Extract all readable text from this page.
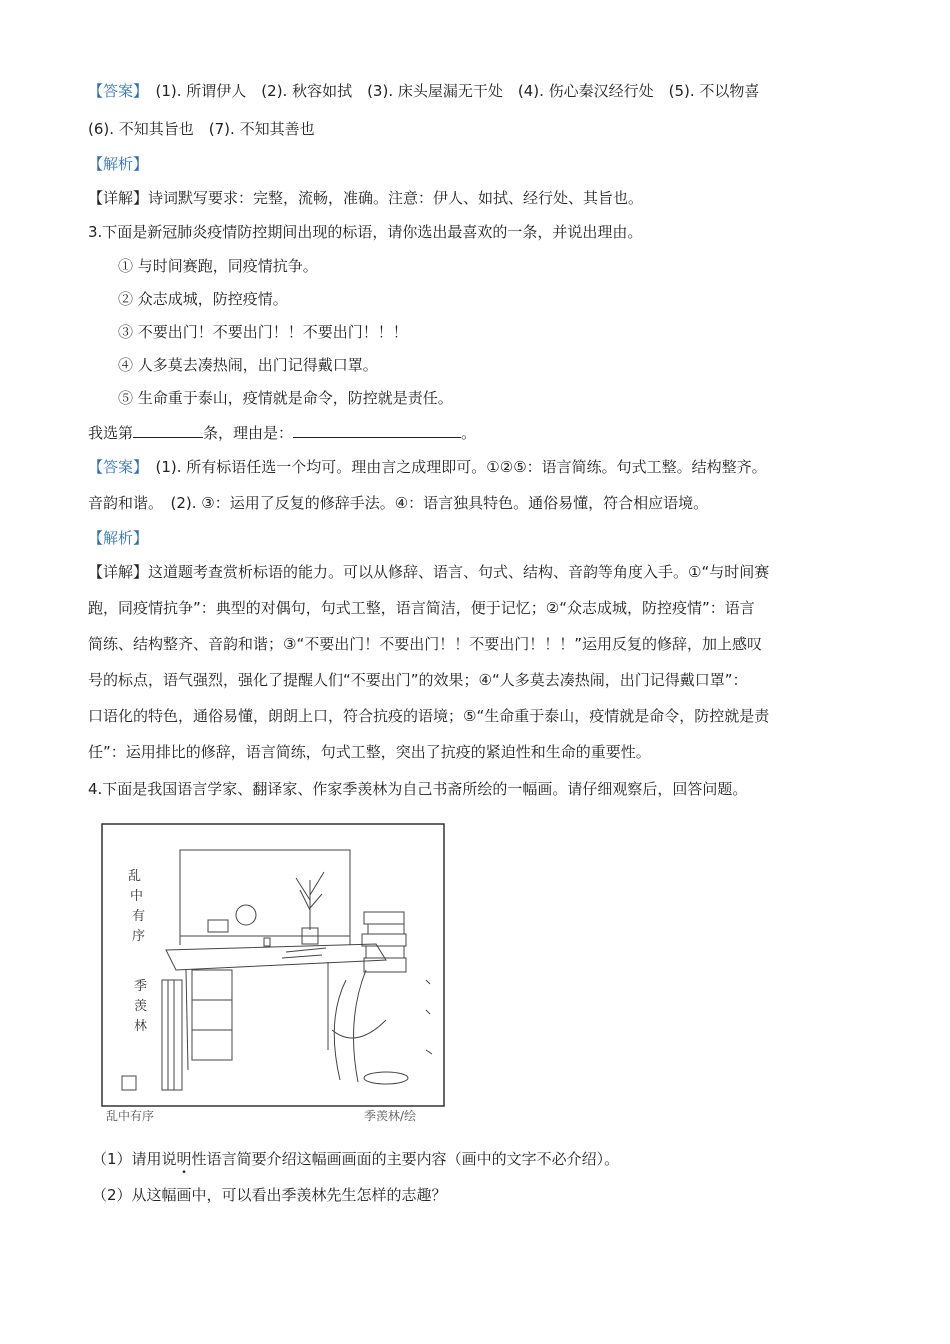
【答案】　(1). 所谓伊人　(2). 秋容如拭　(3). 床头屋漏无干处　(4). 伤心秦汉经行处　(5). 不以物喜
(6). 不知其旨也　(7). 不知其善也
【解析】
【详解】诗词默写要求：完整，流畅，准确。注意：伊人、如拭、经行处、其旨也。
3.下面是新冠肺炎疫情防控期间出现的标语，请你选出最喜欢的一条，并说出理由。
① 与时间赛跑，同疫情抗争。
② 众志成城，防控疫情。
③ 不要出门！不要出门！！不要出门！！！
④ 人多莫去凑热闹，出门记得戴口罩。
⑤ 生命重于泰山，疫情就是命令，防控就是责任。
我选第	条，理由是：	。
【答案】　(1). 所有标语任选一个均可。理由言之成理即可。①②⑤：语言简练。句式工整。结构整齐。
音韵和谐。　(2). ③：运用了反复的修辞手法。④：语言独具特色。通俗易懂，符合相应语境。
【解析】
【详解】这道题考查赏析标语的能力。可以从修辞、语言、句式、结构、音韵等角度入手。①“与时间赛
跑，同疫情抗争”：典型的对偶句，句式工整，语言简洁，便于记忆；②“众志成城，防控疫情”：语言
简练、结构整齐、音韵和谐；③“不要出门！不要出门！！不要出门！！！”运用反复的修辞，加上感叹
号的标点，语气强烈，强化了提醒人们“不要出门”的效果；④“人多莫去凑热闹，出门记得戴口罩”：
口语化的特色，通俗易懂，朗朗上口，符合抗疫的语境；⑤“生命重于泰山，疫情就是命令，防控就是责
任”：运用排比的修辞，语言简练，句式工整，突出了抗疫的紧迫性和生命的重要性。
4.下面是我国语言学家、翻译家、作家季羡林为自己书斋所绘的一幅画。请仔细观察后，回答问题。
乱
中
有
序
季
羡
林
乱中有序	季羡林/绘
（1）请用说明性语言简要介绍这幅画画面的主要内容（画中的文字不必介绍）。
（2）从这幅画中，可以看出季羡林先生怎样的志趣？
